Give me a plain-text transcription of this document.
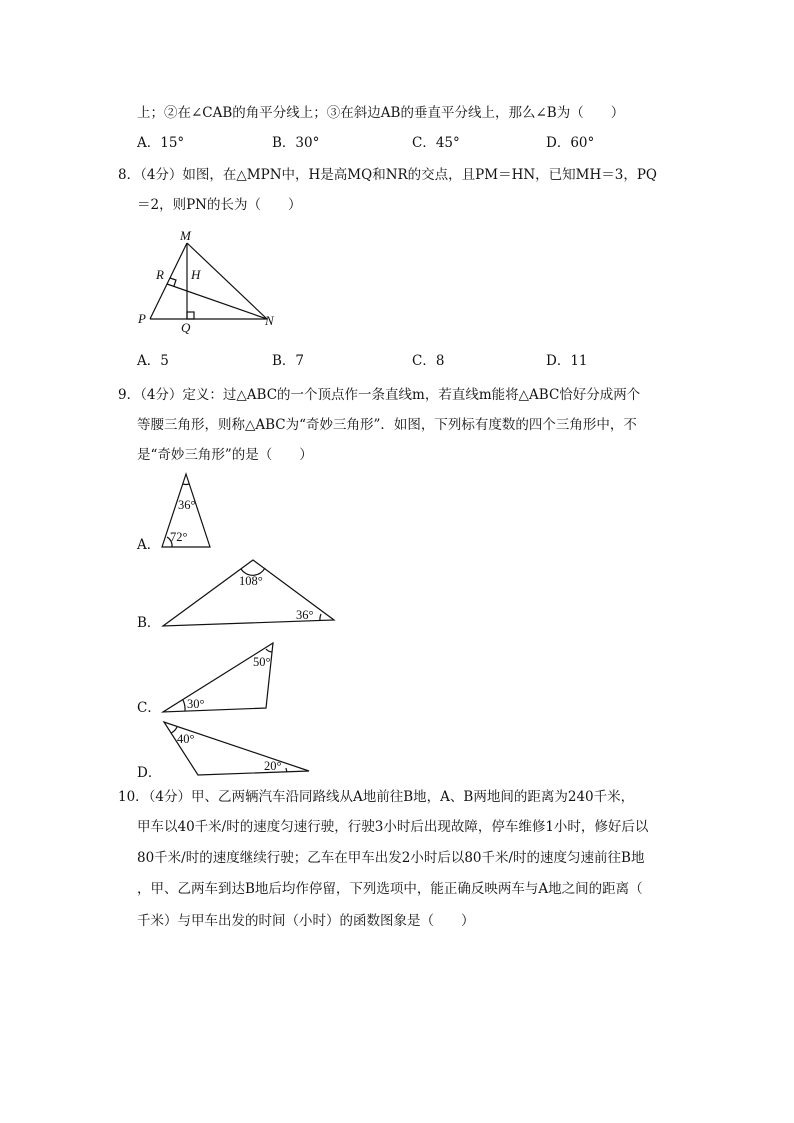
上；②在∠CAB的角平分线上；③在斜边AB的垂直平分线上，那么∠B为（　　）
A．15°	B．30°	C．45°	D．60°
8．（4分）如图，在△MPN中，H是高MQ和NR的交点，且PM＝HN，已知MH＝3，PQ
＝2，则PN的长为（　　）
M
R H
P
Q	N
A．5	B．7	C．8	D．11
9．（4分）定义：过△ABC的一个顶点作一条直线m，若直线m能将△ABC恰好分成两个
等腰三角形，则称△ABC为“奇妙三角形”．如图，下列标有度数的四个三角形中，不
是“奇妙三角形”的是（　　）
A．
B．
C．
D．
36°
72°
108°
36°
50°
30°
40°
20°
10．（4分）甲、乙两辆汽车沿同路线从A地前往B地，A、B两地间的距离为240千米，
甲车以40千米/时的速度匀速行驶，行驶3小时后出现故障，停车维修1小时，修好后以
80千米/时的速度继续行驶；乙车在甲车出发2小时后以80千米/时的速度匀速前往B地
，甲、乙两车到达B地后均作停留，下列选项中，能正确反映两车与A地之间的距离（
千米）与甲车出发的时间（小时）的函数图象是（　　）
